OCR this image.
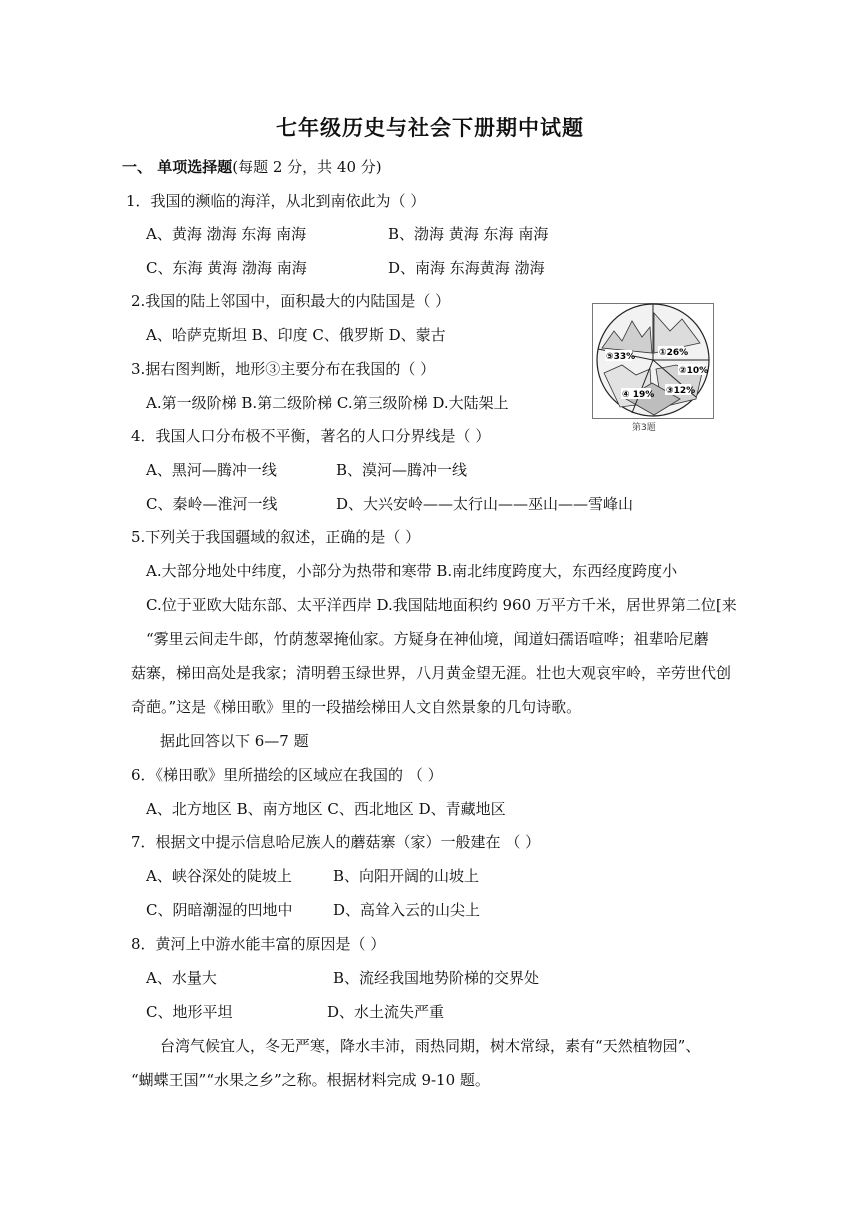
七年级历史与社会下册期中试题
一、 单项选择题(每题 2 分，共 40 分)
1．我国的濒临的海洋，从北到南依此为（ ）
A、黄海 渤海 东海 南海	B、渤海 黄海 东海 南海
C、东海 黄海 渤海 南海	D、南海 东海黄海 渤海
2.我国的陆上邻国中，面积最大的内陆国是（ ）
A、哈萨克斯坦 B、印度 C、俄罗斯 D、蒙古
3.据右图判断，地形③主要分布在我国的（ ）
A.第一级阶梯 B.第二级阶梯 C.第三级阶梯 D.大陆架上
①26%
②10%
③12%
④ 19%
⑤33%
第3题
4．我国人口分布极不平衡，著名的人口分界线是（ ）
A、黑河—腾冲一线	B、漠河—腾冲一线
C、秦岭—淮河一线	D、大兴安岭——太行山——巫山——雪峰山
5.下列关于我国疆域的叙述，正确的是（ ）
A.大部分地处中纬度，小部分为热带和寒带 B.南北纬度跨度大，东西经度跨度小
C.位于亚欧大陆东部、太平洋西岸 D.我国陆地面积约 960 万平方千米，居世界第二位[来
“雾里云间走牛郎，竹荫葱翠掩仙家。方疑身在神仙境，闻道妇孺语喧哗；祖辈哈尼蘑
菇寨，梯田高处是我家；清明碧玉绿世界，八月黄金望无涯。壮也大观哀牢岭，辛劳世代创
奇葩。”这是《梯田歌》里的一段描绘梯田人文自然景象的几句诗歌。
据此回答以下 6—7 题
6．《梯田歌》里所描绘的区域应在我国的 （ ）
A、北方地区 B、南方地区 C、西北地区 D、青藏地区
7．根据文中提示信息哈尼族人的蘑菇寨（家）一般建在 （ ）
A、峡谷深处的陡坡上	B、向阳开阔的山坡上
C、阴暗潮湿的凹地中	D、高耸入云的山尖上
8．黄河上中游水能丰富的原因是（ ）
A、水量大	B、流经我国地势阶梯的交界处
C、地形平坦	D、水土流失严重
台湾气候宜人，冬无严寒，降水丰沛，雨热同期，树木常绿，素有“天然植物园”、
“蝴蝶王国”“水果之乡”之称。根据材料完成 9-10 题。
